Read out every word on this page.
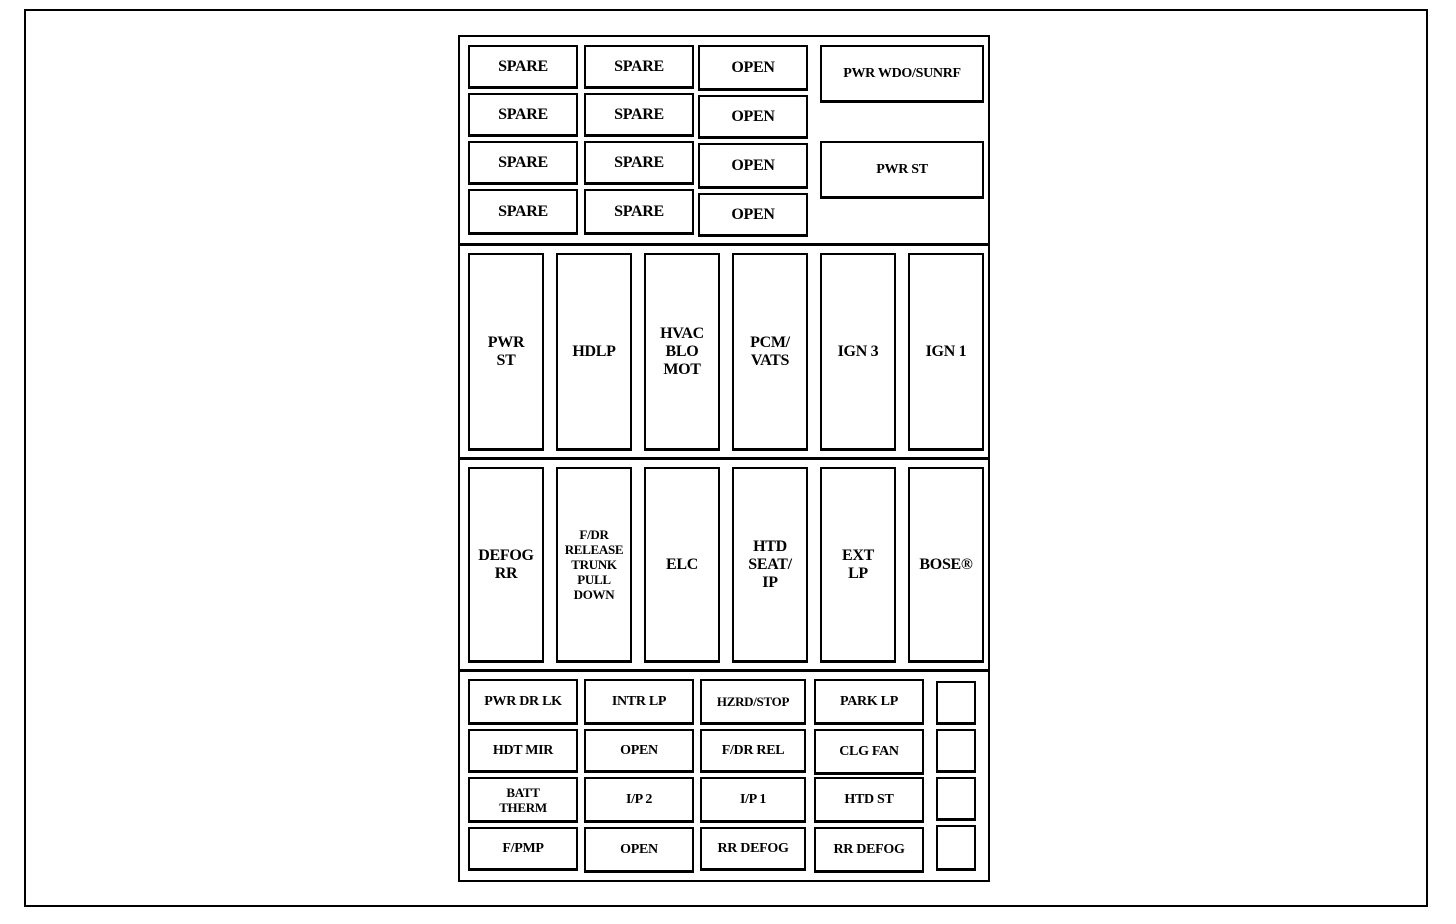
SPARE
SPARE
SPARE
SPARE
SPARE
SPARE
SPARE
SPARE
OPEN
OPEN
OPEN
OPEN
PWR WDO/SUNRF
PWR ST
PWR
ST
HDLP
HVAC
BLO
MOT
PCM/
VATS
IGN 3	IGN 1
DEFOG
RR
F/DR
RELEASE
TRUNK
PULL
DOWN
ELC
HTD
SEAT/
IP
EXT
LP
BOSE®
PWR DR LK
HDT MIR
BATT
THERM
F/PMP
INTR LP
OPEN
I/P 2
OPEN
HZRD/STOP
F/DR REL
I/P 1
RR DEFOG
PARK LP
CLG FAN
HTD ST
RR DEFOG
